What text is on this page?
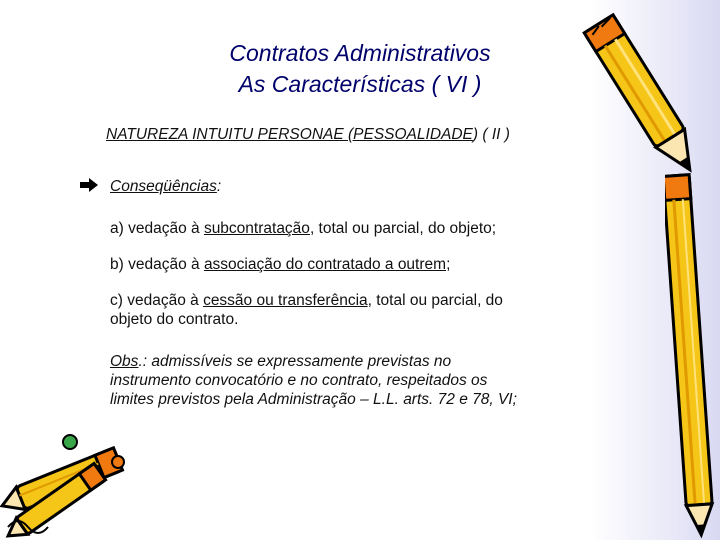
Contratos Administrativos
As Características ( VI )
NATUREZA INTUITU PERSONAE (PESSOALIDADE) ( II )
Conseqüências:
a) vedação à subcontratação, total ou parcial, do objeto;
b) vedação à associação do contratado a outrem;
c) vedação à cessão ou transferência, total ou parcial, do
objeto do contrato.
Obs.: admissíveis se expressamente previstas no
instrumento convocatório e no contrato, respeitados os
limites previstos pela Administração – L.L. arts. 72 e 78, VI;
